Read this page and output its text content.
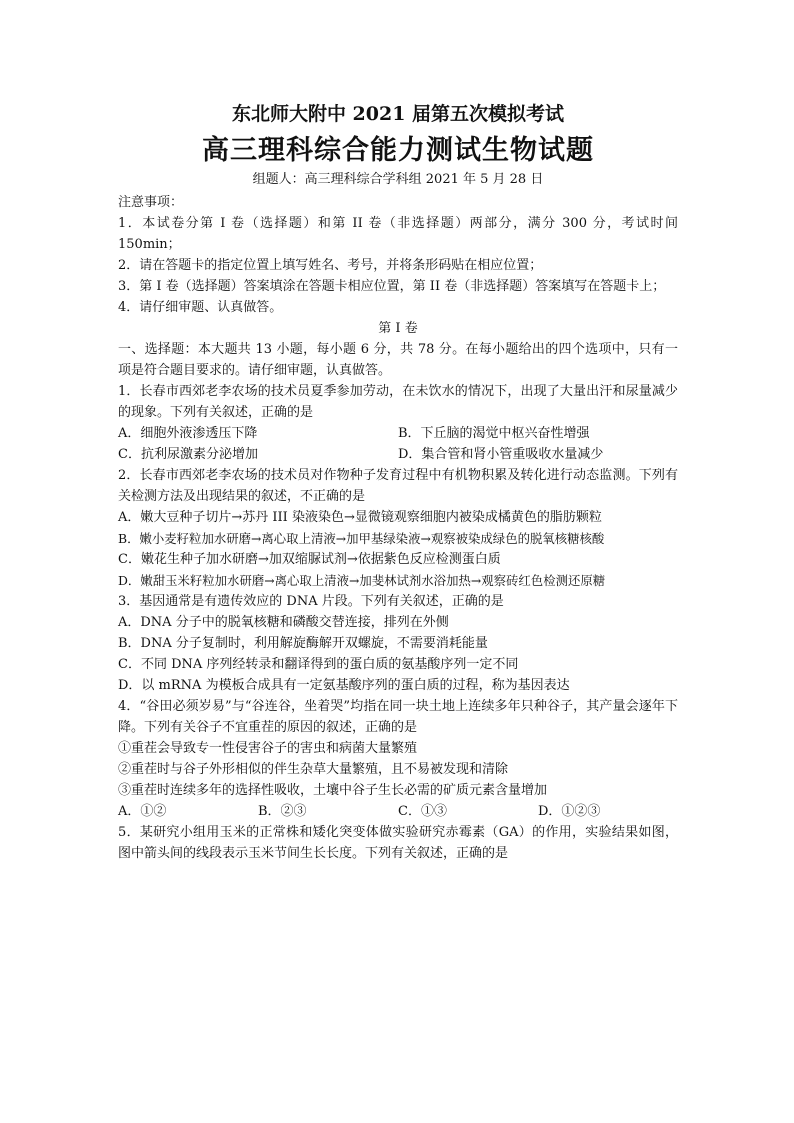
东北师大附中 2021 届第五次模拟考试

高三理科综合能力测试生物试题

组题人：高三理科综合学科组 2021 年 5 月 28 日

注意事项：

1．本试卷分第 I 卷（选择题）和第 II 卷（非选择题）两部分，满分 300 分，考试时间 150min；

2．请在答题卡的指定位置上填写姓名、考号，并将条形码贴在相应位置；

3．第 I 卷（选择题）答案填涂在答题卡相应位置，第 II 卷（非选择题）答案填写在答题卡上；

4．请仔细审题、认真做答。

第 I 卷

一、选择题：本大题共 13 小题，每小题 6 分，共 78 分。在每小题给出的四个选项中，只有一项是符合题目要求的。请仔细审题，认真做答。

1．长春市西郊老李农场的技术员夏季参加劳动，在未饮水的情况下，出现了大量出汗和尿量减少的现象。下列有关叙述，正确的是

A．细胞外液渗透压下降	B．下丘脑的渴觉中枢兴奋性增强
C．抗利尿激素分泌增加	D．集合管和肾小管重吸收水量减少

2．长春市西郊老李农场的技术员对作物种子发育过程中有机物积累及转化进行动态监测。下列有关检测方法及出现结果的叙述，不正确的是

A．嫩大豆种子切片→苏丹 III 染液染色→显微镜观察细胞内被染成橘黄色的脂肪颗粒

B．嫩小麦籽粒加水研磨→离心取上清液→加甲基绿染液→观察被染成绿色的脱氧核糖核酸

C．嫩花生种子加水研磨→加双缩脲试剂→依据紫色反应检测蛋白质

D．嫩甜玉米籽粒加水研磨→离心取上清液→加斐林试剂水浴加热→观察砖红色检测还原糖

3．基因通常是有遗传效应的 DNA 片段。下列有关叙述，正确的是

A．DNA 分子中的脱氧核糖和磷酸交替连接，排列在外侧

B．DNA 分子复制时，利用解旋酶解开双螺旋，不需要消耗能量

C．不同 DNA 序列经转录和翻译得到的蛋白质的氨基酸序列一定不同

D．以 mRNA 为模板合成具有一定氨基酸序列的蛋白质的过程，称为基因表达

4．“谷田必须岁易”与“谷连谷，坐着哭”均指在同一块土地上连续多年只种谷子，其产量会逐年下降。下列有关谷子不宜重茬的原因的叙述，正确的是

①重茬会导致专一性侵害谷子的害虫和病菌大量繁殖

②重茬时与谷子外形相似的伴生杂草大量繁殖，且不易被发现和清除

③重茬时连续多年的选择性吸收，土壤中谷子生长必需的矿质元素含量增加

A．①②	B．②③	C．①③	D．①②③

5．某研究小组用玉米的正常株和矮化突变体做实验研究赤霉素（GA）的作用，实验结果如图，图中箭头间的线段表示玉米节间生长长度。下列有关叙述，正确的是
